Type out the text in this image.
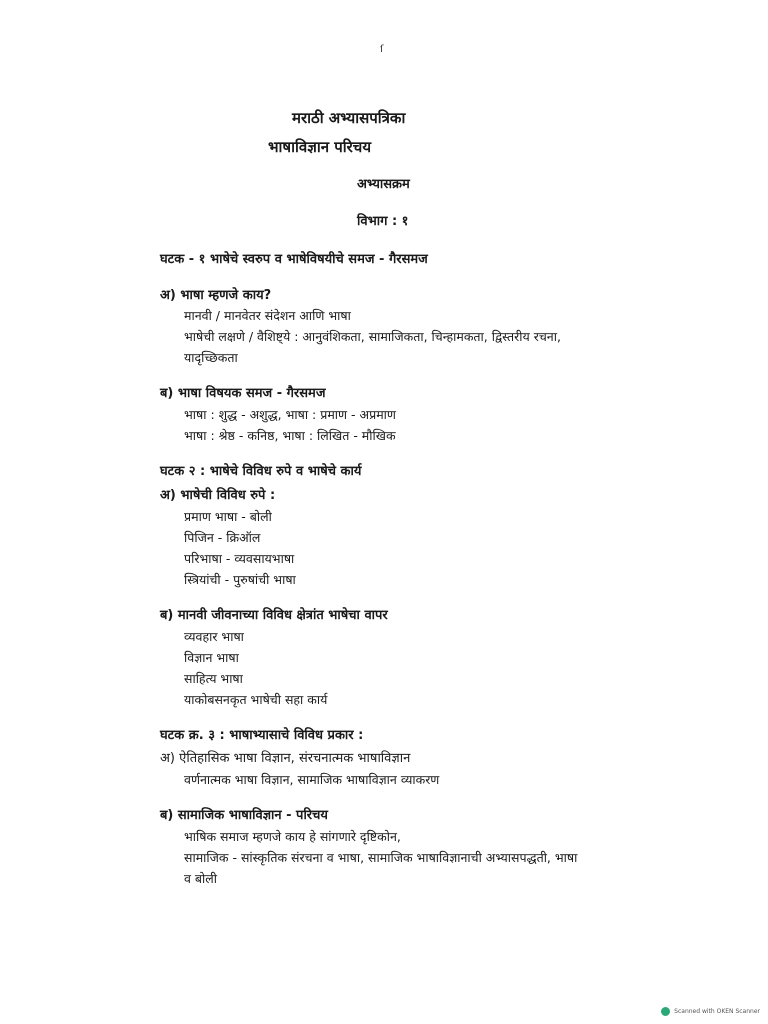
ſ
मराठी अभ्यासपत्रिका
भाषाविज्ञान परिचय
अभ्यासक्रम
विभाग : १
घटक - १ भाषेचे स्वरुप व भाषेविषयीचे समज - गैरसमज
अ) भाषा म्हणजे काय?
मानवी / मानवेतर संदेशन आणि भाषा
भाषेची लक्षणे / वैशिष्ट्ये : आनुवंशिकता, सामाजिकता, चिन्हामकता, द्विस्तरीय रचना,
यादृच्छिकता
ब) भाषा विषयक समज - गैरसमज
भाषा : शुद्ध - अशुद्ध, भाषा : प्रमाण - अप्रमाण
भाषा : श्रेष्ठ - कनिष्ठ, भाषा : लिखित - मौखिक
घटक २ : भाषेचे विविध रुपे व भाषेचे कार्य
अ) भाषेची विविध रुपे :
प्रमाण भाषा - बोली
पिजिन - क्रिऑल
परिभाषा - व्यवसायभाषा
स्त्रियांची - पुरुषांची भाषा
ब) मानवी जीवनाच्या विविध क्षेत्रांत भाषेचा वापर
व्यवहार भाषा
विज्ञान भाषा
साहित्य भाषा
याकोबसनकृत भाषेची सहा कार्य
घटक क्र. ३ : भाषाभ्यासाचे विविध प्रकार :
अ) ऐतिहासिक भाषा विज्ञान, संरचनात्मक भाषाविज्ञान
वर्णनात्मक भाषा विज्ञान, सामाजिक भाषाविज्ञान व्याकरण
ब) सामाजिक भाषाविज्ञान - परिचय
भाषिक समाज म्हणजे काय हे सांगणारे दृष्टिकोन,
सामाजिक - सांस्कृतिक संरचना व भाषा, सामाजिक भाषाविज्ञानाची अभ्यासपद्धती, भाषा
व बोली
Scanned with OKEN Scanner
